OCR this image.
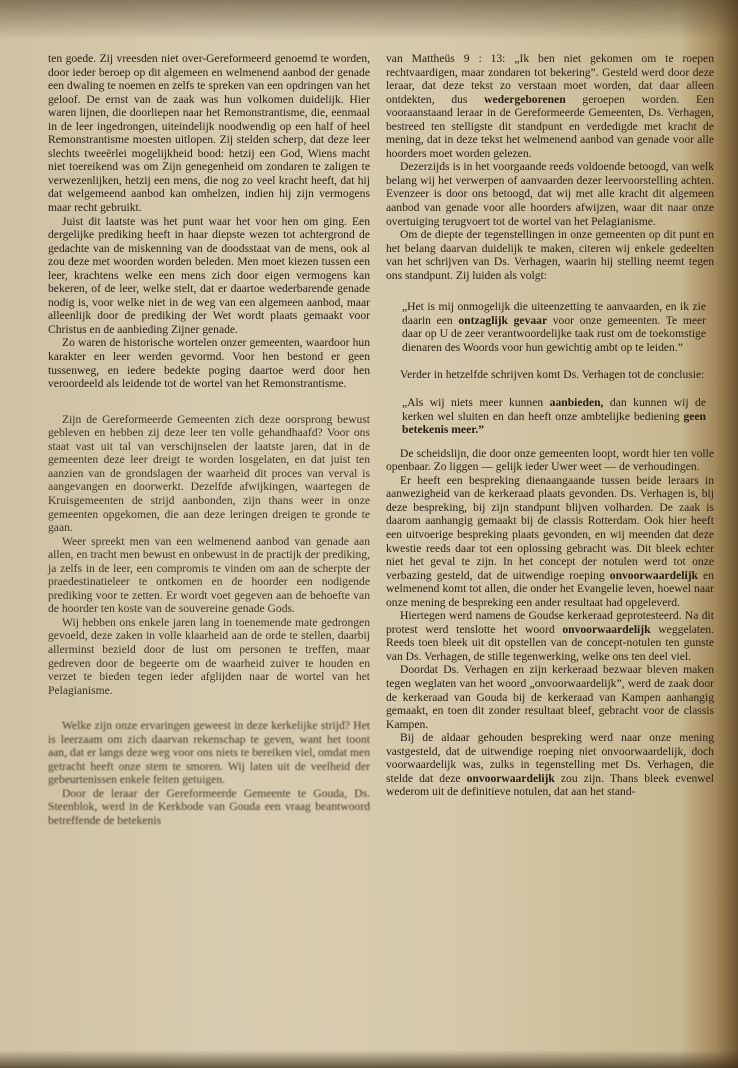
ten goede. Zij vreesden niet over-Gereformeerd genoemd te worden, door ieder beroep op dit algemeen en welmenend aanbod der genade een dwaling te noemen en zelfs te spreken van een opdringen van het geloof. De ernst van de zaak was hun volkomen duidelijk. Hier waren lijnen, die doorliepen naar het Remonstrantisme, die, eenmaal in de leer ingedrongen, uiteindelijk noodwendig op een half of heel Remonstrantisme moesten uitlopen. Zij stelden scherp, dat deze leer slechts tweeërlei mogelijkheid bood: hetzij een God, Wiens macht niet toereikend was om Zijn genegenheid om zondaren te zaligen te verwezenlijken, hetzij een mens, die nog zo veel kracht heeft, dat hij dat welgemeend aanbod kan omhelzen, indien hij zijn vermogens maar recht gebruikt.

Juist dit laatste was het punt waar het voor hen om ging. Een dergelijke prediking heeft in haar diepste wezen tot achtergrond de gedachte van de miskenning van de doodsstaat van de mens, ook al zou deze met woorden worden beleden. Men moet kiezen tussen een leer, krachtens welke een mens zich door eigen vermogens kan bekeren, of de leer, welke stelt, dat er daartoe wederbarende genade nodig is, voor welke niet in de weg van een algemeen aanbod, maar alleenlijk door de prediking der Wet wordt plaats gemaakt voor Christus en de aanbieding Zijner genade.

Zo waren de historische wortelen onzer gemeenten, waardoor hun karakter en leer werden gevormd. Voor hen bestond er geen tussenweg, en iedere bedekte poging daartoe werd door hen veroordeeld als leidende tot de wortel van het Remonstrantisme.

Zijn de Gereformeerde Gemeenten zich deze oorsprong bewust gebleven en hebben zij deze leer ten volle gehandhaafd? Voor ons staat vast uit tal van verschijnselen der laatste jaren, dat in de gemeenten deze leer dreigt te worden losgelaten, en dat juist ten aanzien van de grondslagen der waarheid dit proces van verval is aangevangen en doorwerkt. Dezelfde afwijkingen, waartegen de Kruisgemeenten de strijd aanbonden, zijn thans weer in onze gemeenten opgekomen, die aan deze leringen dreigen te gronde te gaan.

Weer spreekt men van een welmenend aanbod van genade aan allen, en tracht men bewust en onbewust in de practijk der prediking, ja zelfs in de leer, een compromis te vinden om aan de scherpte der praedestinatieleer te ontkomen en de hoorder een nodigende prediking voor te zetten. Er wordt voet gegeven aan de behoefte van de hoorder ten koste van de souvereine genade Gods.

Wij hebben ons enkele jaren lang in toenemende mate gedrongen gevoeld, deze zaken in volle klaarheid aan de orde te stellen, daarbij allerminst bezield door de lust om personen te treffen, maar gedreven door de begeerte om de waarheid zuiver te houden en verzet te bieden tegen ieder afglijden naar de wortel van het Pelagianisme.

Welke zijn onze ervaringen geweest in deze kerkelijke strijd? Het is leerzaam om zich daarvan rekenschap te geven, want het toont aan, dat er langs deze weg voor ons niets te bereiken viel, omdat men getracht heeft onze stem te smoren. Wij laten uit de veelheid der gebeurtenissen enkele feiten getuigen.

Door de leraar der Gereformeerde Gemeente te Gouda, Ds. Steenblok, werd in de Kerkbode van Gouda een vraag beantwoord betreffende de betekenis

van Mattheüs 9 : 13: „Ik ben niet gekomen om te roepen rechtvaardigen, maar zondaren tot bekering”. Gesteld werd door deze leraar, dat deze tekst zo verstaan moet worden, dat daar alleen ontdekten, dus wedergeborenen geroepen worden. Een vooraanstaand leraar in de Gereformeerde Gemeenten, Ds. Verhagen, bestreed ten stelligste dit standpunt en verdedigde met kracht de mening, dat in deze tekst het welmenend aanbod van genade voor alle hoorders moet worden gelezen.

Dezerzijds is in het voorgaande reeds voldoende betoogd, van welk belang wij het verwerpen of aanvaarden dezer leervoorstelling achten. Evenzeer is door ons betoogd, dat wij met alle kracht dit algemeen aanbod van genade voor alle hoorders afwijzen, waar dit naar onze overtuiging terugvoert tot de wortel van het Pelagianisme.

Om de diepte der tegenstellingen in onze gemeenten op dit punt en het belang daarvan duidelijk te maken, citeren wij enkele gedeelten van het schrijven van Ds. Verhagen, waarin hij stelling neemt tegen ons standpunt. Zij luiden als volgt:

„Het is mij onmogelijk die uiteenzetting te aanvaarden, en ik zie daarin een ontzaglijk gevaar voor onze gemeenten. Te meer daar op U de zeer verantwoordelijke taak rust om de toekomstige dienaren des Woords voor hun gewichtig ambt op te leiden.”

Verder in hetzelfde schrijven komt Ds. Verhagen tot de conclusie:

„Als wij niets meer kunnen aanbieden, dan kunnen wij de kerken wel sluiten en dan heeft onze ambtelijke bediening geen betekenis meer.”

De scheidslijn, die door onze gemeenten loopt, wordt hier ten volle openbaar. Zo liggen — gelijk ieder Uwer weet — de verhoudingen.

Er heeft een bespreking dienaangaande tussen beide leraars in aanwezigheid van de kerkeraad plaats gevonden. Ds. Verhagen is, bij deze bespreking, bij zijn standpunt blijven volharden. De zaak is daarom aanhangig gemaakt bij de classis Rotterdam. Ook hier heeft een uitvoerige bespreking plaats gevonden, en wij meenden dat deze kwestie reeds daar tot een oplossing gebracht was. Dit bleek echter niet het geval te zijn. In het concept der notulen werd tot onze verbazing gesteld, dat de uitwendige roeping onvoorwaardelijk en welmenend komt tot allen, die onder het Evangelie leven, hoewel naar onze mening de bespreking een ander resultaat had opgeleverd.

Hiertegen werd namens de Goudse kerkeraad geprotesteerd. Na dit protest werd tenslotte het woord onvoorwaardelijk weggelaten. Reeds toen bleek uit dit opstellen van de concept-notulen ten gunste van Ds. Verhagen, de stille tegenwerking, welke ons ten deel viel.

Doordat Ds. Verhagen en zijn kerkeraad bezwaar bleven maken tegen weglaten van het woord „onvoorwaardelijk”, werd de zaak door de kerkeraad van Gouda bij de kerkeraad van Kampen aanhangig gemaakt, en toen dit zonder resultaat bleef, gebracht voor de classis Kampen.

Bij de aldaar gehouden bespreking werd naar onze mening vastgesteld, dat de uitwendige roeping niet onvoorwaardelijk, doch voorwaardelijk was, zulks in tegenstelling met Ds. Verhagen, die stelde dat deze onvoorwaardelijk zou zijn. Thans bleek evenwel wederom uit de definitieve notulen, dat aan het stand-
